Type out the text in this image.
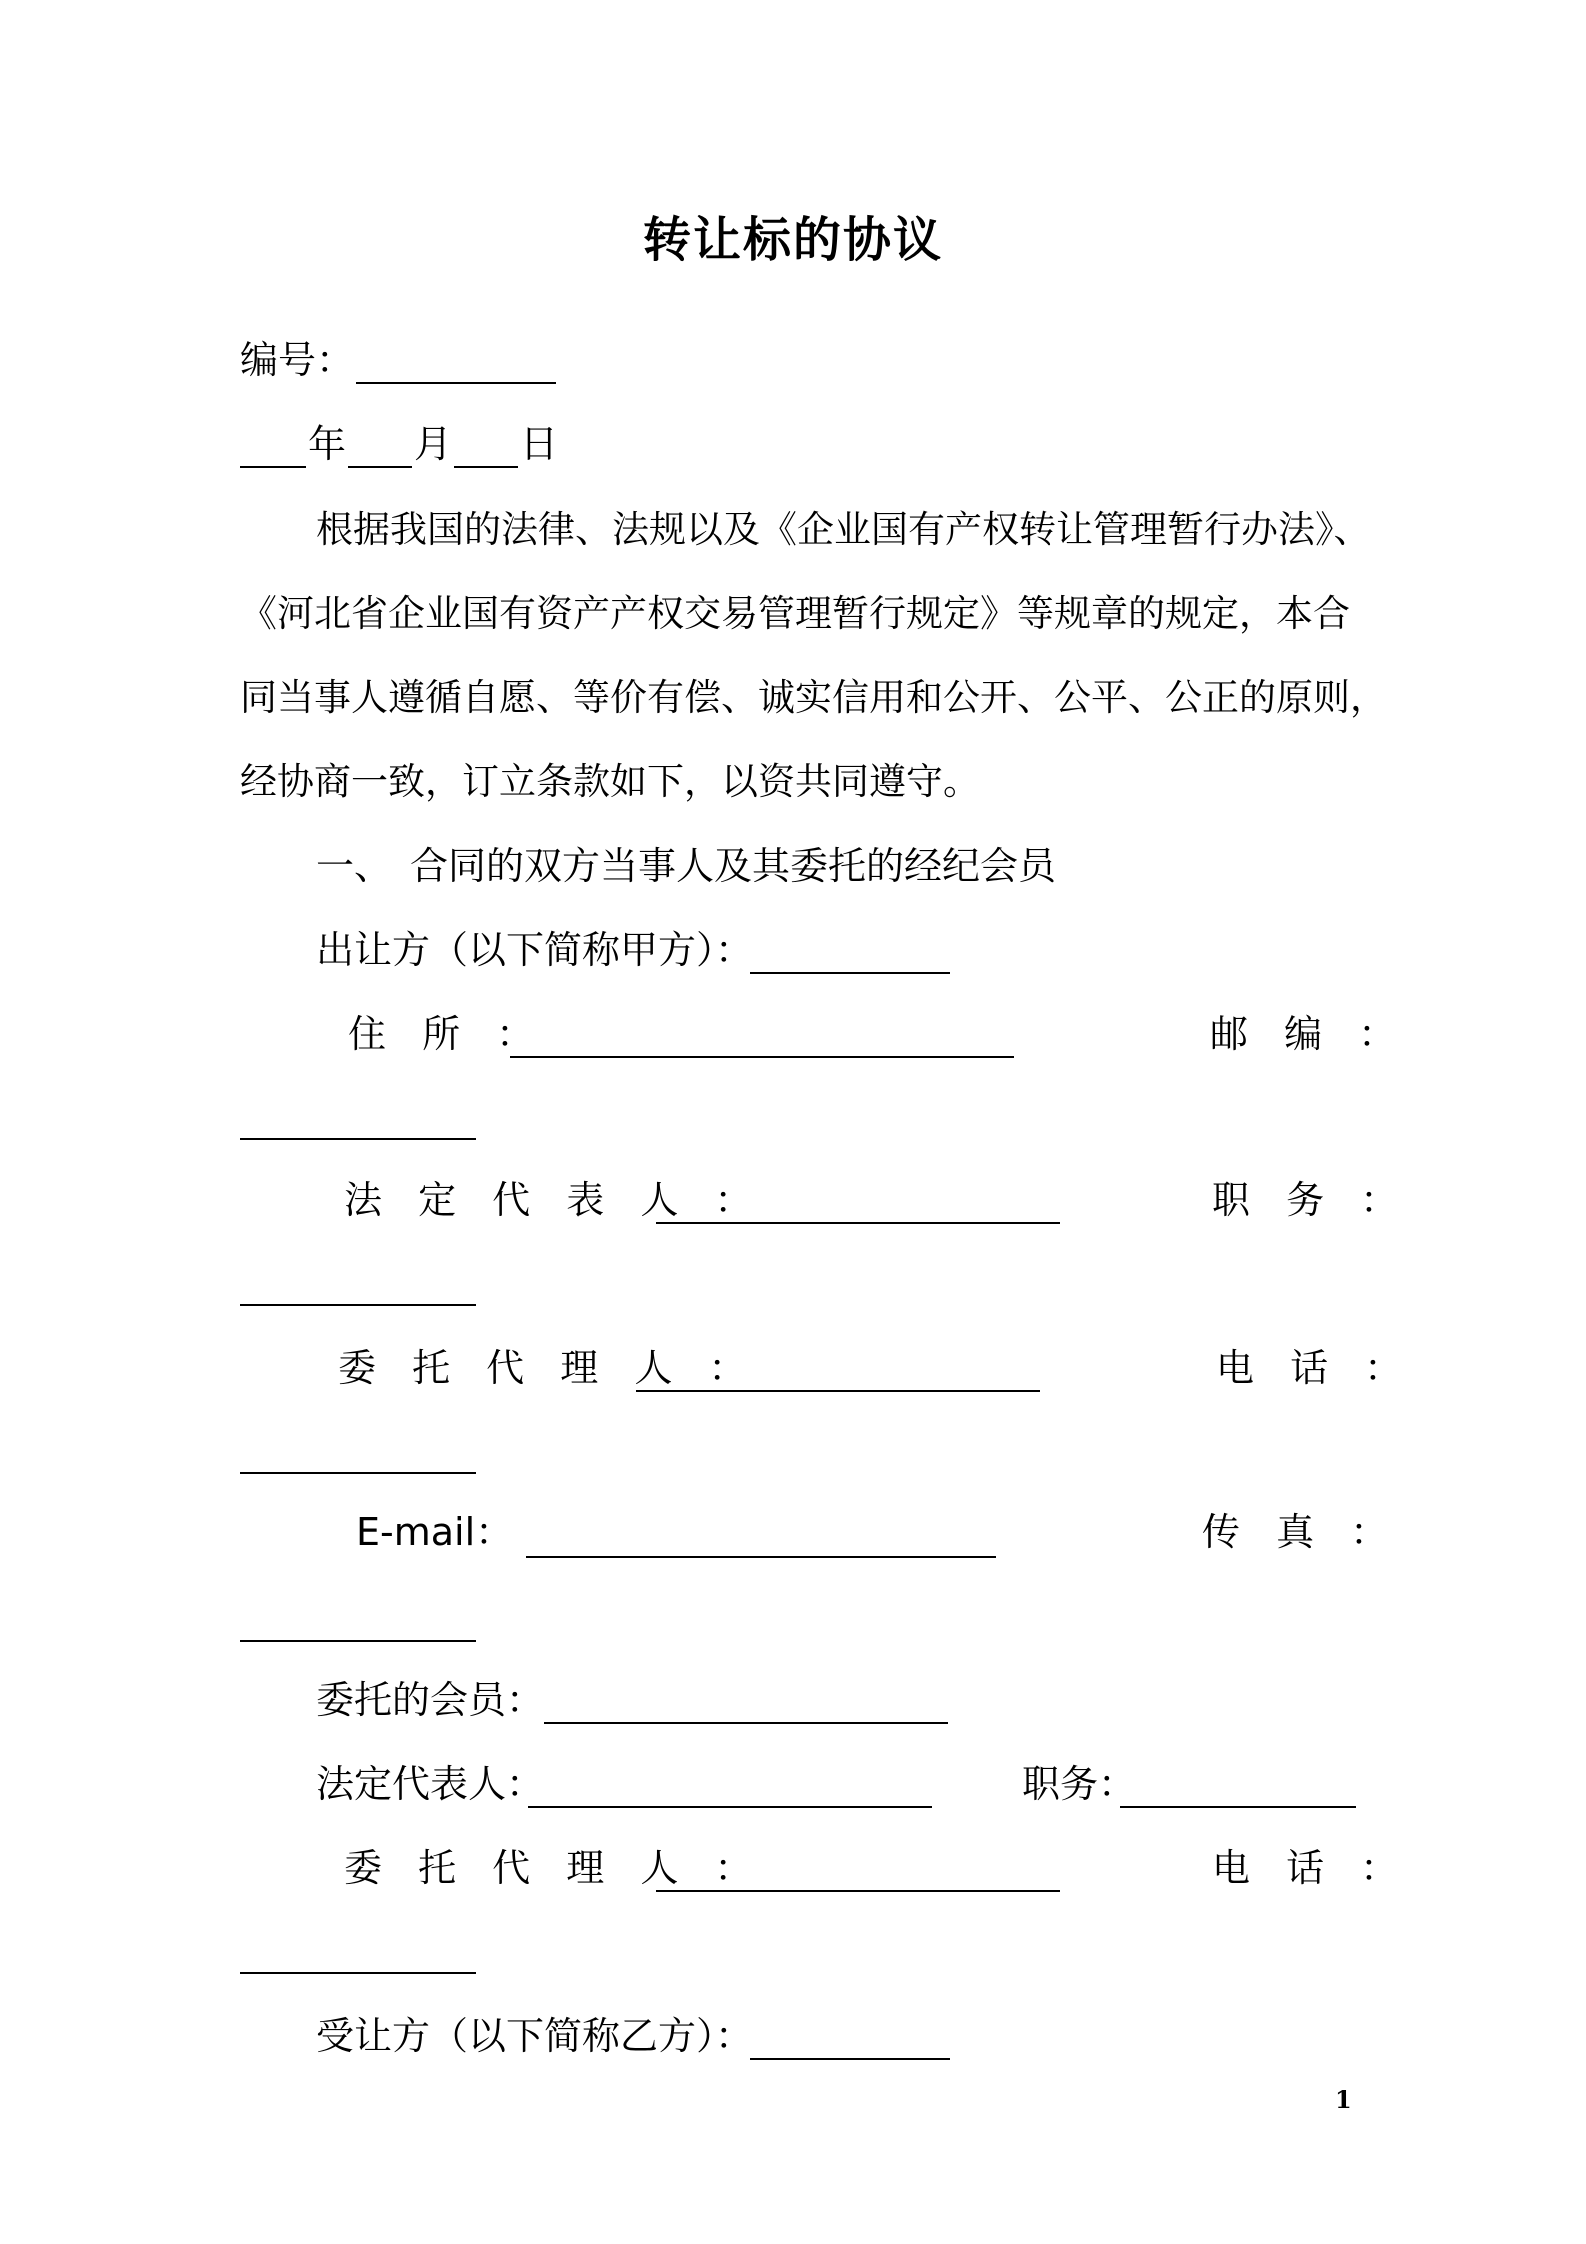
转让标的协议
编号：
年 月 日
根据我国的法律、法规以及《企业国有产权转让管理暂行办法》、
《河北省企业国有资产产权交易管理暂行规定》等规章的规定，本合
同当事人遵循自愿、等价有偿、诚实信用和公开、公平、公正的原则，
经协商一致，订立条款如下，以资共同遵守。
一、 合同的双方当事人及其委托的经纪会员
出让方（以下简称甲方）：
住 所 ：	邮 编 ：
法 定 代 表 人 ：	职 务 ：
委 托 代 理 人 ：	电 话 ：
E-mail：	传 真 ：
委托的会员：
法定代表人：	职务：
委 托 代 理 人 ：	电 话 ：
受让方（以下简称乙方）：
1
